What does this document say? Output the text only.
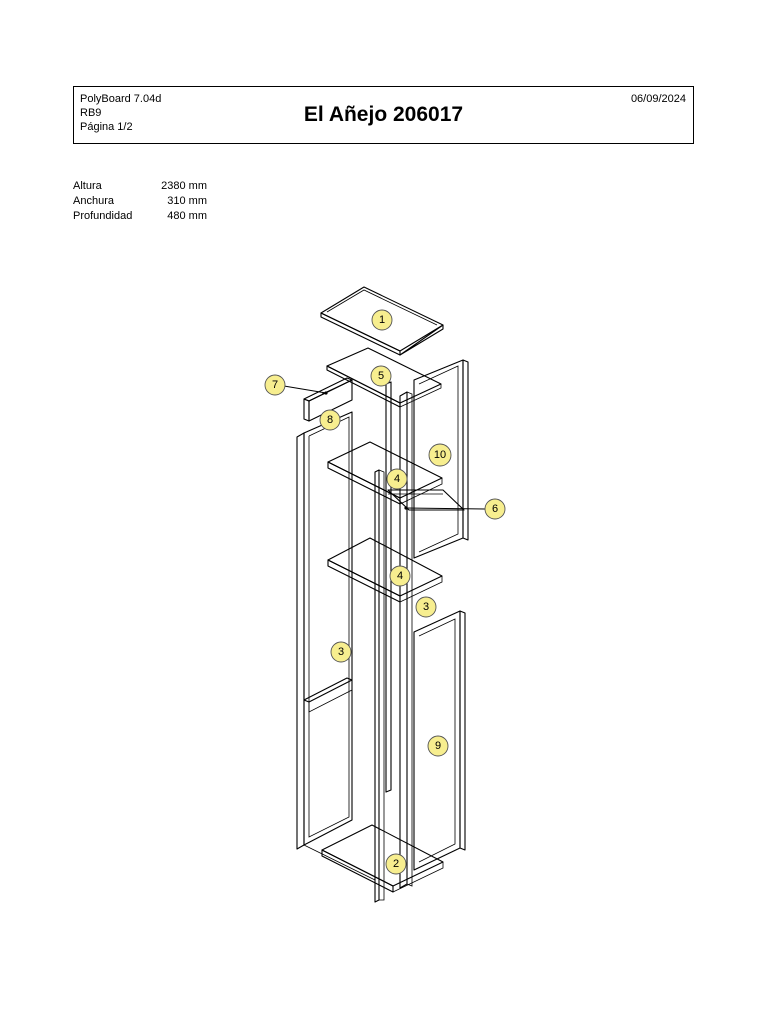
PolyBoard 7.04d
RB9
Página 1/2
El Añejo 206017
06/09/2024
Altura	2380 mm
Anchura	310 mm
Profundidad	480 mm
1
5
7
8
10
4
6
4
3
3
9
2
